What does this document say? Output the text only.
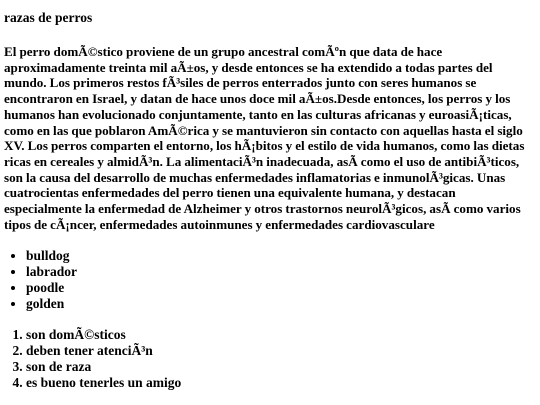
razas de perros

El perro domÃ©stico proviene de un grupo ancestral comÃºn que data de hace aproximadamente treinta mil aÃ±os, y desde entonces se ha extendido a todas partes del mundo. Los primeros restos fÃ³siles de perros enterrados junto con seres humanos se encontraron en Israel, y datan de hace unos doce mil aÃ±os.Desde entonces, los perros y los humanos han evolucionado conjuntamente, tanto en las culturas africanas y euroasiÃ¡ticas, como en las que poblaron AmÃ©rica y se mantuvieron sin contacto con aquellas hasta el siglo XV. Los perros comparten el entorno, los hÃ¡bitos y el estilo de vida humanos, como las dietas ricas en cereales y almidÃ³n. La alimentaciÃ³n inadecuada, asÃ como el uso de antibiÃ³ticos, son la causa del desarrollo de muchas enfermedades inflamatorias e inmunolÃ³gicas. Unas cuatrocientas enfermedades del perro tienen una equivalente humana, y destacan especialmente la enfermedad de Alzheimer y otros trastornos neurolÃ³gicos, asÃ como varios tipos de cÃ¡ncer, enfermedades autoinmunes y enfermedades cardiovasculare

• bulldog
• labrador
• poodle
• golden
1. son domÃ©sticos
2. deben tener atenciÃ³n
3. son de raza
4. es bueno tenerles un amigo
